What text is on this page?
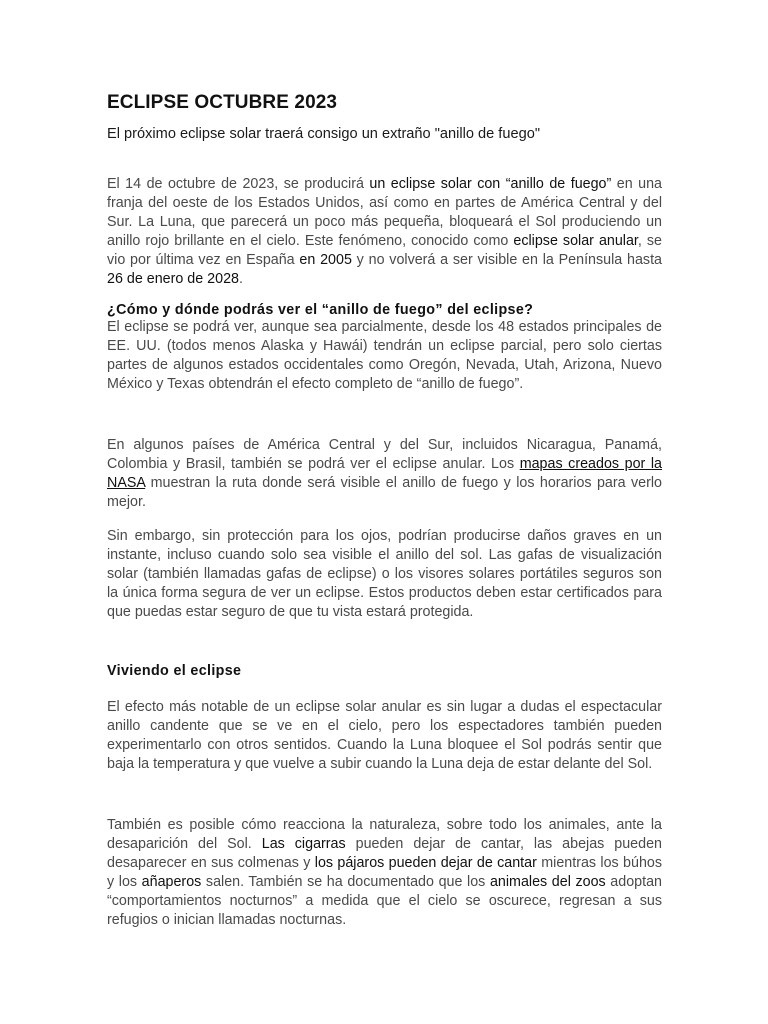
ECLIPSE OCTUBRE 2023

El próximo eclipse solar traerá consigo un extraño "anillo de fuego"

El 14 de octubre de 2023, se producirá un eclipse solar con “anillo de fuego” en una franja del oeste de los Estados Unidos, así como en partes de América Central y del Sur. La Luna, que parecerá un poco más pequeña, bloqueará el Sol produciendo un anillo rojo brillante en el cielo. Este fenómeno, conocido como eclipse solar anular, se vio por última vez en España en 2005 y no volverá a ser visible en la Península hasta 26 de enero de 2028.

¿Cómo y dónde podrás ver el “anillo de fuego” del eclipse?

El eclipse se podrá ver, aunque sea parcialmente, desde los 48 estados principales de EE. UU. (todos menos Alaska y Hawái) tendrán un eclipse parcial, pero solo ciertas partes de algunos estados occidentales como Oregón, Nevada, Utah, Arizona, Nuevo México y Texas obtendrán el efecto completo de “anillo de fuego”.

En algunos países de América Central y del Sur, incluidos Nicaragua, Panamá, Colombia y Brasil, también se podrá ver el eclipse anular. Los mapas creados por la NASA muestran la ruta donde será visible el anillo de fuego y los horarios para verlo mejor.

Sin embargo, sin protección para los ojos, podrían producirse daños graves en un instante, incluso cuando solo sea visible el anillo del sol. Las gafas de visualización solar (también llamadas gafas de eclipse) o los visores solares portátiles seguros son la única forma segura de ver un eclipse. Estos productos deben estar certificados para que puedas estar seguro de que tu vista estará protegida.

Viviendo el eclipse

El efecto más notable de un eclipse solar anular es sin lugar a dudas el espectacular anillo candente que se ve en el cielo, pero los espectadores también pueden experimentarlo con otros sentidos. Cuando la Luna bloquee el Sol podrás sentir que baja la temperatura y que vuelve a subir cuando la Luna deja de estar delante del Sol.

También es posible cómo reacciona la naturaleza, sobre todo los animales, ante la desaparición del Sol. Las cigarras pueden dejar de cantar, las abejas pueden desaparecer en sus colmenas y los pájaros pueden dejar de cantar mientras los búhos y los añaperos salen. También se ha documentado que los animales del zoos adoptan “comportamientos nocturnos” a medida que el cielo se oscurece, regresan a sus refugios o inician llamadas nocturnas.
